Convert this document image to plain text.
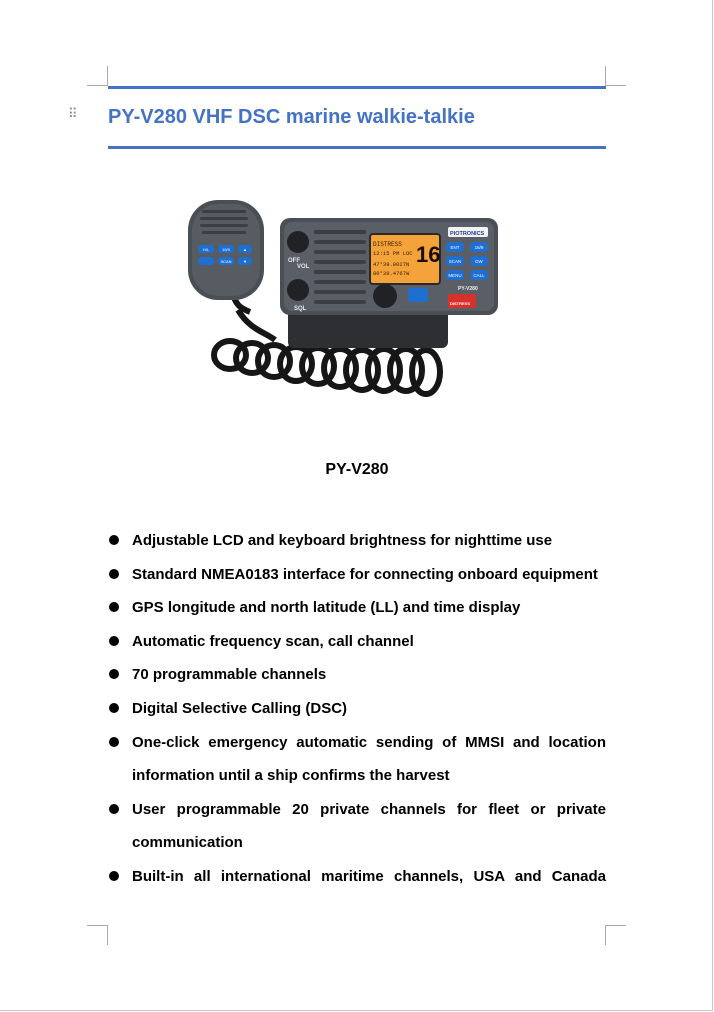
⠿ PY-V280 VHF DSC marine walkie-talkie
OFF
VOL
SQL
DISTRESS
12:15 PM LOC
47°39.8027N
80°39.4767W
16
PIOTRONICS
ENT	16/9
SCAN	DW
MENU	CALL
PY-V280
DISTRESS
H/L	16/9	▲
SCAN	▼
PY-V280
Adjustable LCD and keyboard brightness for nighttime use
Standard NMEA0183 interface for connecting onboard equipment
GPS longitude and north latitude (LL) and time display
Automatic frequency scan, call channel
70 programmable channels
Digital Selective Calling (DSC)
One-click emergency automatic sending of MMSI and location information until a ship confirms the harvest
User programmable 20 private channels for fleet or private communication
Built-in all international maritime channels, USA and Canada
